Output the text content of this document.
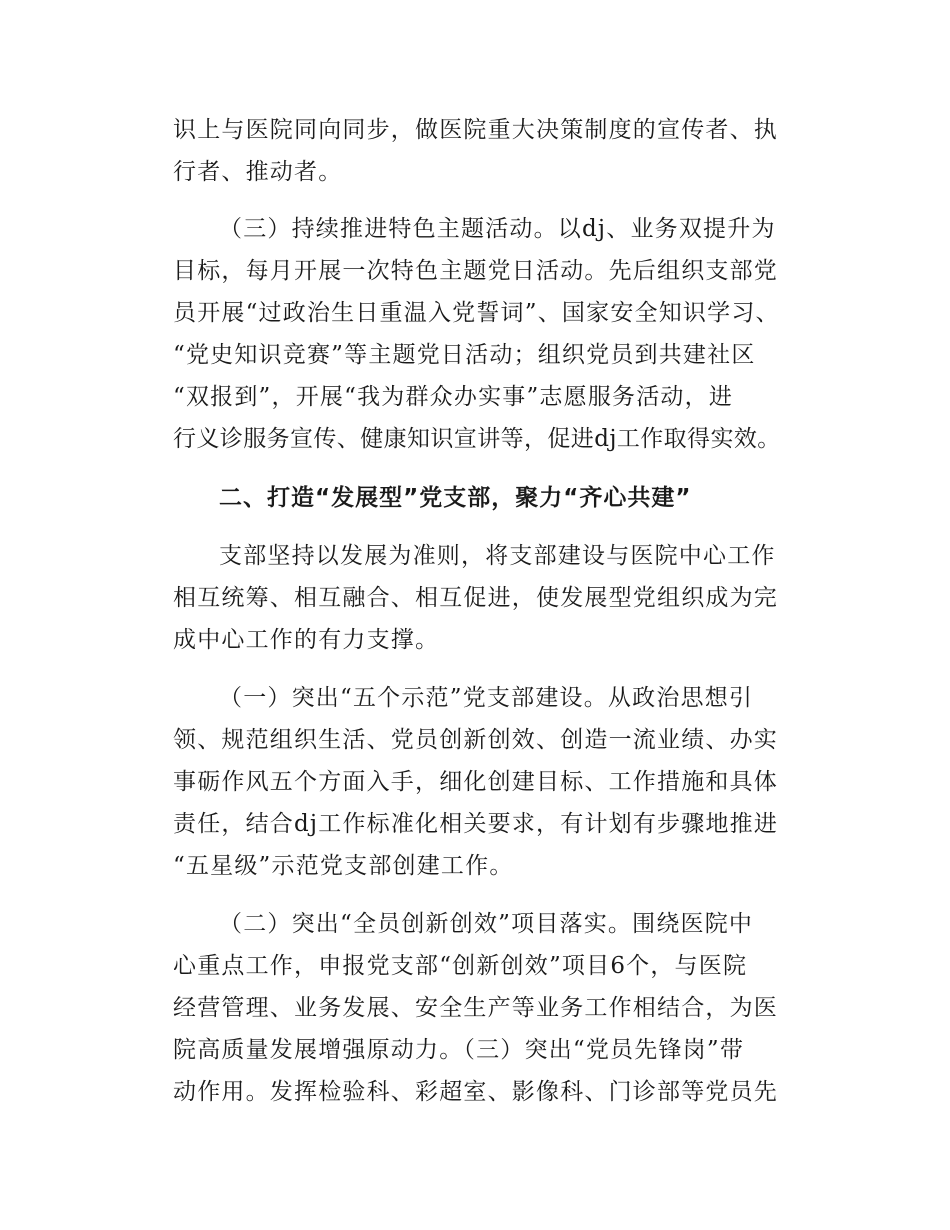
识上与医院同向同步，做医院重大决策制度的宣传者、执
行者、推动者。
（三）持续推进特色主题活动。以dj、业务双提升为
目标，每月开展一次特色主题党日活动。先后组织支部党
员开展“过政治生日重温入党誓词”、国家安全知识学习、
“党史知识竞赛”等主题党日活动；组织党员到共建社区
“双报到”，开展“我为群众办实事”志愿服务活动，进
行义诊服务宣传、健康知识宣讲等，促进dj工作取得实效。
二、打造“发展型”党支部，聚力“齐心共建”
支部坚持以发展为准则，将支部建设与医院中心工作
相互统筹、相互融合、相互促进，使发展型党组织成为完
成中心工作的有力支撑。
（一）突出“五个示范”党支部建设。从政治思想引
领、规范组织生活、党员创新创效、创造一流业绩、办实
事砺作风五个方面入手，细化创建目标、工作措施和具体
责任，结合dj工作标准化相关要求，有计划有步骤地推进
“五星级”示范党支部创建工作。
（二）突出“全员创新创效”项目落实。围绕医院中
心重点工作，申报党支部“创新创效”项目6个，与医院
经营管理、业务发展、安全生产等业务工作相结合，为医
院高质量发展增强原动力。（三）突出“党员先锋岗”带
动作用。发挥检验科、彩超室、影像科、门诊部等党员先
